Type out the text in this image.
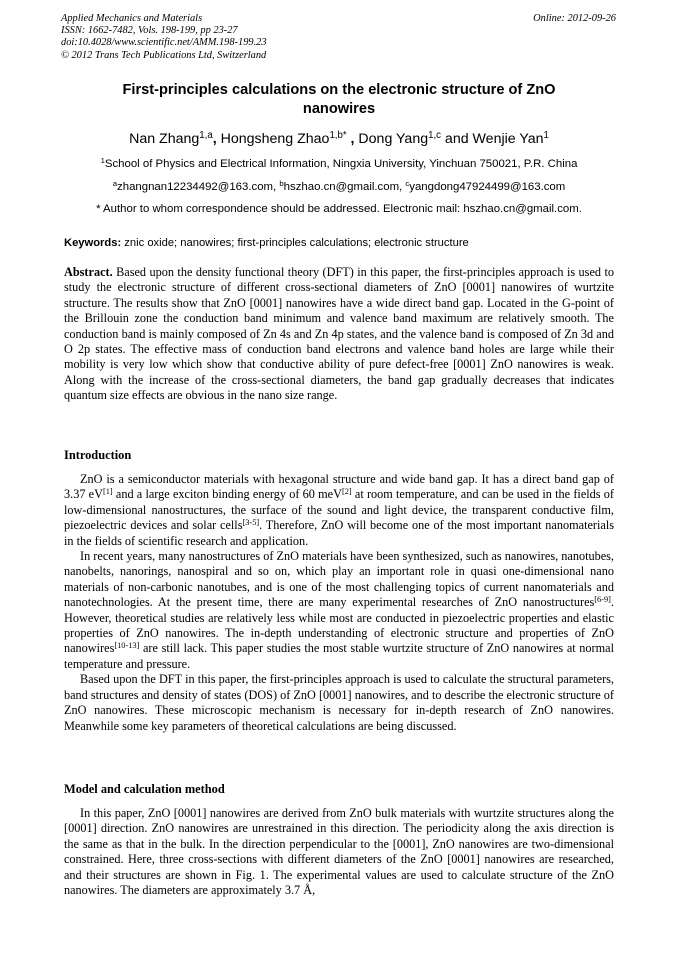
Applied Mechanics and Materials
ISSN: 1662-7482, Vols. 198-199, pp 23-27
doi:10.4028/www.scientific.net/AMM.198-199.23
© 2012 Trans Tech Publications Ltd, Switzerland
Online: 2012-09-26
First-principles calculations on the electronic structure of ZnO
nanowires
Nan Zhang$^{1,a}$, Hongsheng Zhao$^{1,b*}$ , Dong Yang$^{1,c}$ and Wenjie Yan$^1$
$^1$School of Physics and Electrical Information, Ningxia University, Yinchuan 750021, P.R. China
$^a$zhangnan12234492@163.com, $^b$hszhao.cn@gmail.com, $^c$yangdong47924499@163.com
* Author to whom correspondence should be addressed. Electronic mail: hszhao.cn@gmail.com.
Keywords: znic oxide; nanowires; first-principles calculations; electronic structure
Abstract. Based upon the density functional theory (DFT) in this paper, the first-principles approach is used to study the electronic structure of different cross-sectional diameters of ZnO [0001] nanowires of wurtzite structure. The results show that ZnO [0001] nanowires have a wide direct band gap. Located in the G-point of the Brillouin zone the conduction band minimum and valence band maximum are relatively smooth. The conduction band is mainly composed of Zn 4s and Zn 4p states, and the valence band is composed of Zn 3d and O 2p states. The effective mass of conduction band electrons and valence band holes are large while their mobility is very low which show that conductive ability of pure defect-free [0001] ZnO nanowires is weak. Along with the increase of the cross-sectional diameters, the band gap gradually decreases that indicates quantum size effects are obvious in the nano size range.
Introduction

ZnO is a semiconductor materials with hexagonal structure and wide band gap. It has a direct band gap of 3.37 eV[1] and a large exciton binding energy of 60 meV[2] at room temperature, and can be used in the fields of low-dimensional nanostructures, the surface of the sound and light device, the transparent conductive film, piezoelectric devices and solar cells[3-5]. Therefore, ZnO will become one of the most important nanomaterials in the fields of scientific research and application.

In recent years, many nanostructures of ZnO materials have been synthesized, such as nanowires, nanotubes, nanobelts, nanorings, nanospiral and so on, which play an important role in quasi one-dimensional nano materials of non-carbonic nanotubes, and is one of the most challenging topics of current nanomaterials and nanotechnologies. At the present time, there are many experimental researches of ZnO nanostructures[6-9]. However, theoretical studies are relatively less while most are conducted in piezoelectric properties and elastic properties of ZnO nanowires. The in-depth understanding of electronic structure and properties of ZnO nanowires[10-13] are still lack. This paper studies the most stable wurtzite structure of ZnO nanowires at normal temperature and pressure.

Based upon the DFT in this paper, the first-principles approach is used to calculate the structural parameters, band structures and density of states (DOS) of ZnO [0001] nanowires, and to describe the electronic structure of ZnO nanowires. These microscopic mechanism is necessary for in-depth research of ZnO nanowires. Meanwhile some key parameters of theoretical calculations are being discussed.

Model and calculation method

In this paper, ZnO [0001] nanowires are derived from ZnO bulk materials with wurtzite structures along the [0001] direction. ZnO nanowires are unrestrained in this direction. The periodicity along the axis direction is the same as that in the bulk. In the direction perpendicular to the [0001], ZnO nanowires are two-dimensional constrained. Here, three cross-sections with different diameters of the ZnO [0001] nanowires are researched, and their structures are shown in Fig. 1. The experimental values are used to calculate structure of the ZnO nanowires. The diameters are approximately 3.7 Å,
